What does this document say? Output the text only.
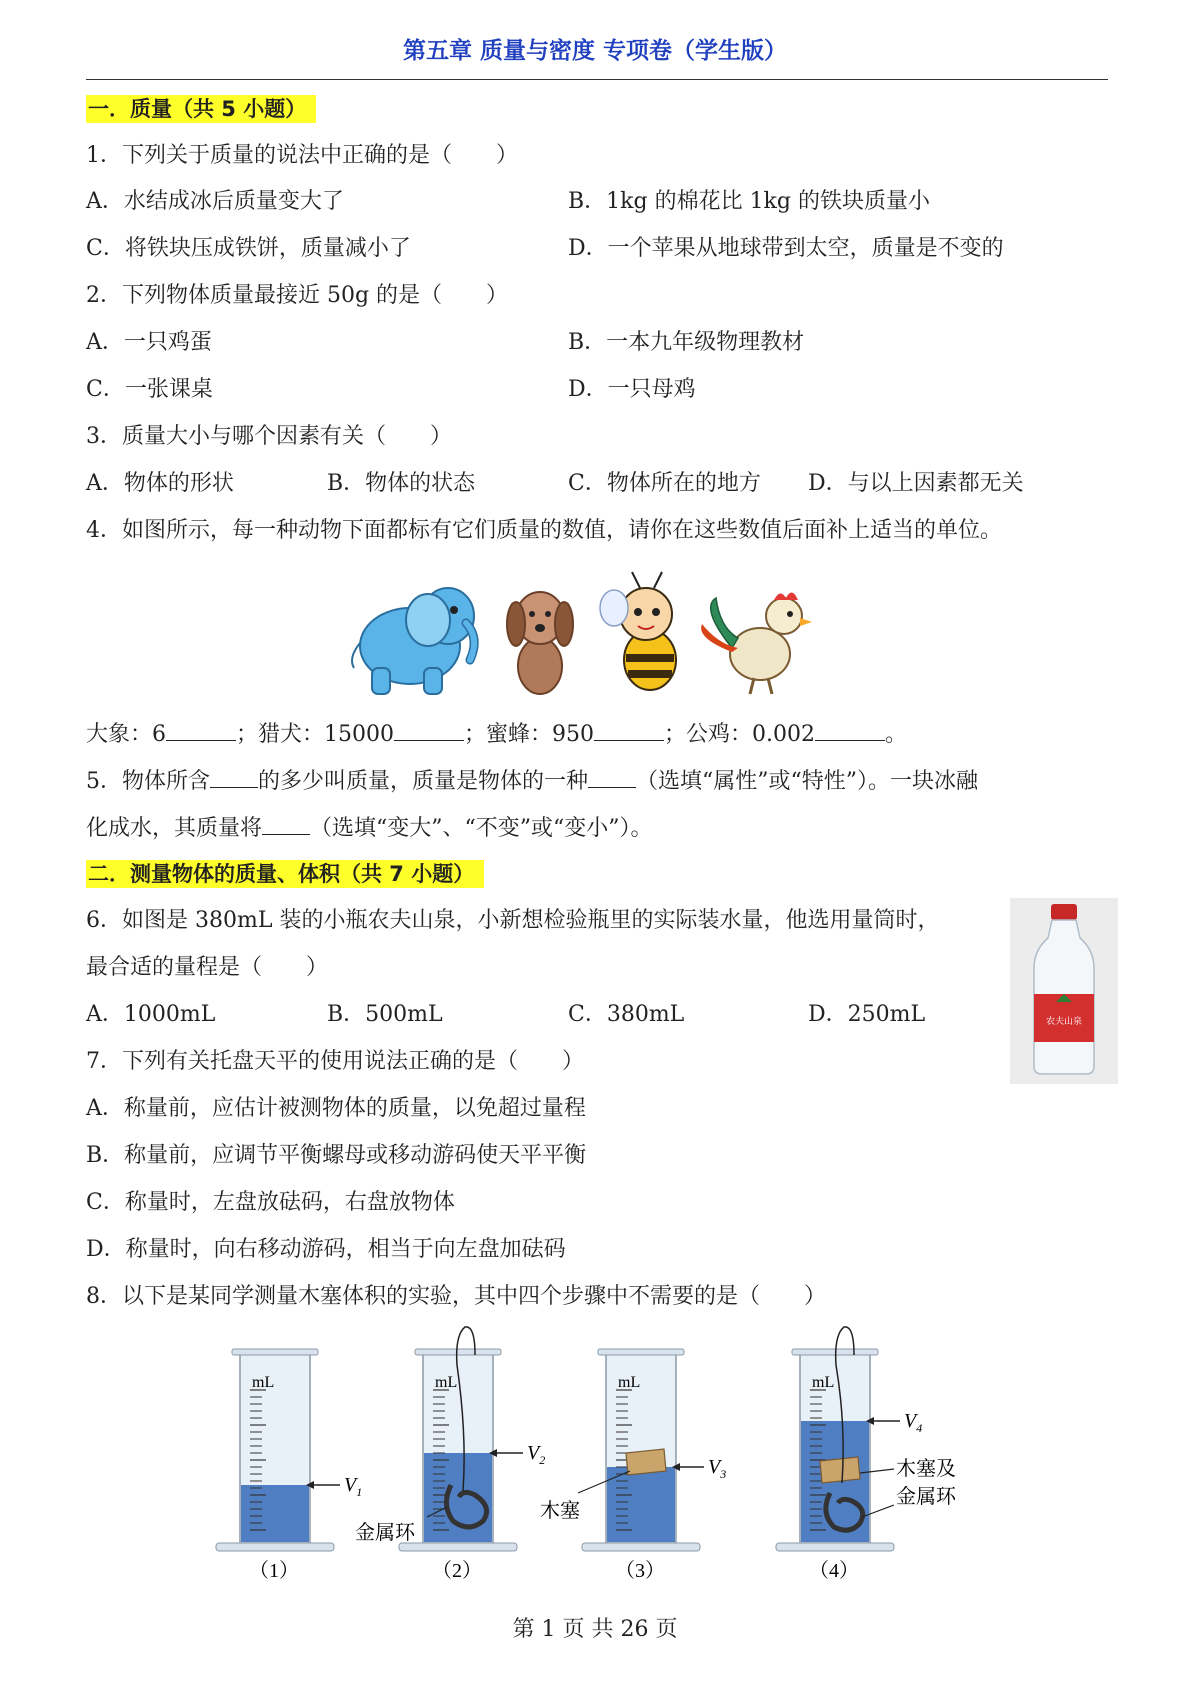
第五章 质量与密度 专项卷（学生版）
一．质量（共 5 小题）
1．下列关于质量的说法中正确的是（　　）
A．水结成冰后质量变大了	B．1kg 的棉花比 1kg 的铁块质量小
C．将铁块压成铁饼，质量减小了	D．一个苹果从地球带到太空，质量是不变的
2．下列物体质量最接近 50g 的是（　　）
A．一只鸡蛋	B．一本九年级物理教材
C．一张课桌	D．一只母鸡
3．质量大小与哪个因素有关（　　）
A．物体的形状	B．物体的状态	C．物体所在的地方 D．与以上因素都无关
4．如图所示，每一种动物下面都标有它们质量的数值，请你在这些数值后面补上适当的单位。
大象：6	；猎犬：15000	；蜜蜂：950	；公鸡：0.002	。
5．物体所含 的多少叫质量，质量是物体的一种 （选填“属性”或“特性”）。一块冰融
化成水，其质量将 （选填“变大”、“不变”或“变小”）。
二．测量物体的质量、体积（共 7 小题）
6．如图是 380mL 装的小瓶农夫山泉，小新想检验瓶里的实际装水量，他选用量筒时，
最合适的量程是（　　）
A．1000mL	B．500mL	C．380mL	D．250mL	农夫山泉
7．下列有关托盘天平的使用说法正确的是（　　）
A．称量前，应估计被测物体的质量，以免超过量程
B．称量前，应调节平衡螺母或移动游码使天平平衡
C．称量时，左盘放砝码，右盘放物体
D．称量时，向右移动游码，相当于向左盘加砝码
8．以下是某同学测量木塞体积的实验，其中四个步骤中不需要的是（　　）
mL
$V_1$
（1）
mL
$V_2$
金属环
（2）
mL
$V_3$
木塞
（3）
mL
$V_4$
木塞及
金属环
（4）
第 1 页 共 26 页
